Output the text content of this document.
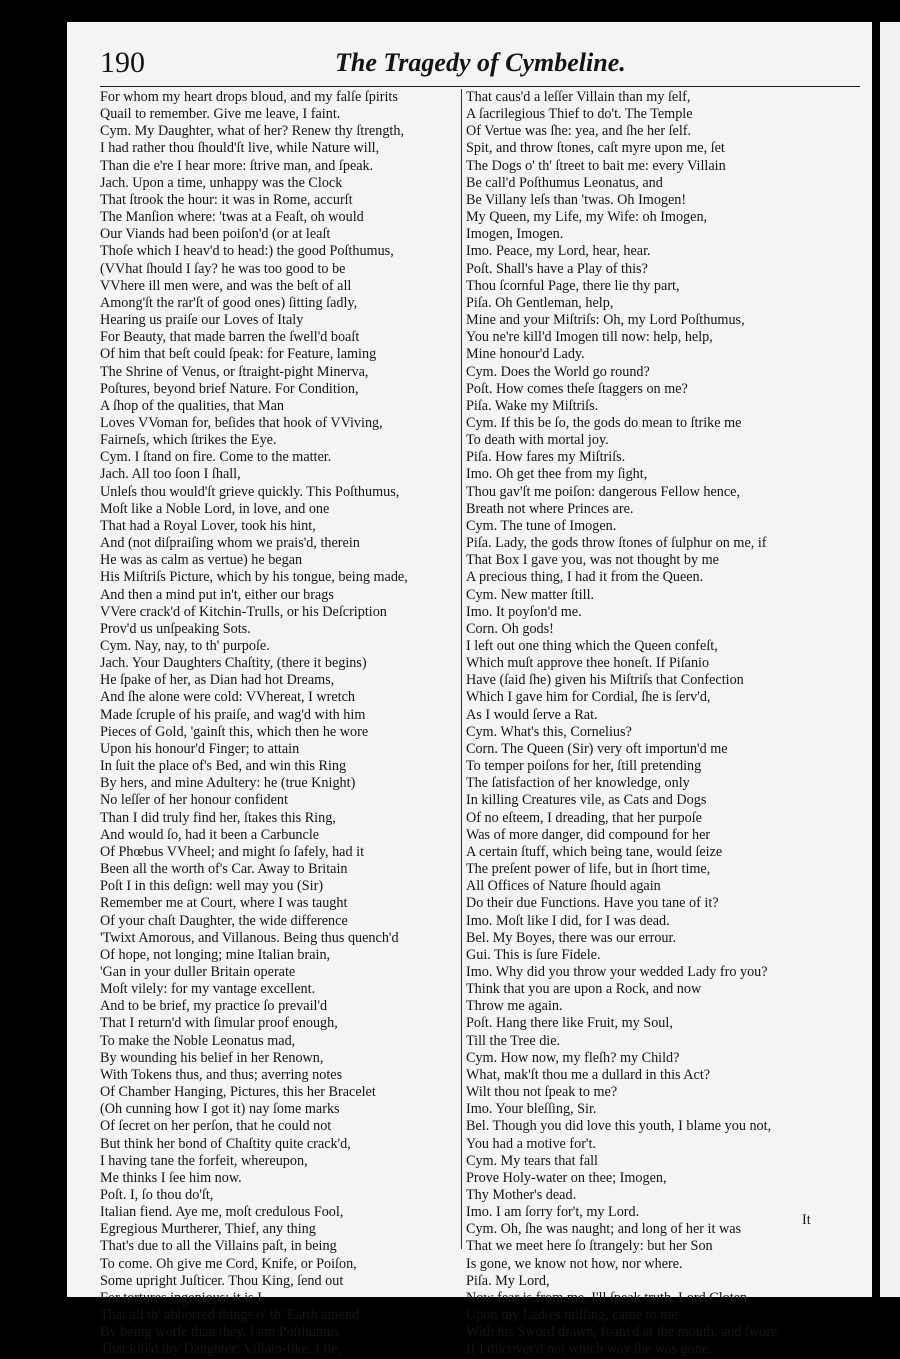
190	The Tragedy of Cymbeline.
For whom my heart drops bloud, and my falſe ſpirits
Quail to remember. Give me leave, I faint.
Cym. My Daughter, what of her? Renew thy ſtrength,
I had rather thou ſhould'ſt live, while Nature will,
Than die e're I hear more: ſtrive man, and ſpeak.
Jach. Upon a time, unhappy was the Clock
That ſtrook the hour: it was in Rome, accurſt
The Manſion where: 'twas at a Feaſt, oh would
Our Viands had been poiſon'd (or at leaſt
Thoſe which I heav'd to head:) the good Poſthumus,
(VVhat ſhould I ſay? he was too good to be
VVhere ill men were, and was the beſt of all
Among'ſt the rar'ſt of good ones) ſitting ſadly,
Hearing us praiſe our Loves of Italy
For Beauty, that made barren the ſwell'd boaſt
Of him that beſt could ſpeak: for Feature, laming
The Shrine of Venus, or ſtraight-pight Minerva,
Poſtures, beyond brief Nature. For Condition,
A ſhop of the qualities, that Man
Loves VVoman for, beſides that hook of VViving,
Fairneſs, which ſtrikes the Eye.
Cym. I ſtand on fire. Come to the matter.
Jach. All too ſoon I ſhall,
Unleſs thou would'ſt grieve quickly. This Poſthumus,
Moſt like a Noble Lord, in love, and one
That had a Royal Lover, took his hint,
And (not diſpraiſing whom we prais'd, therein
He was as calm as vertue) he began
His Miſtriſs Picture, which by his tongue, being made,
And then a mind put in't, either our brags
VVere crack'd of Kitchin-Trulls, or his Deſcription
Prov'd us unſpeaking Sots.
Cym. Nay, nay, to th' purpoſe.
Jach. Your Daughters Chaſtity, (there it begins)
He ſpake of her, as Dian had hot Dreams,
And ſhe alone were cold: VVhereat, I wretch
Made ſcruple of his praiſe, and wag'd with him
Pieces of Gold, 'gainſt this, which then he wore
Upon his honour'd Finger; to attain
In ſuit the place of's Bed, and win this Ring
By hers, and mine Adultery: he (true Knight)
No leſſer of her honour confident
Than I did truly find her, ſtakes this Ring,
And would ſo, had it been a Carbuncle
Of Phœbus VVheel; and might ſo ſafely, had it
Been all the worth of's Car. Away to Britain
Poſt I in this deſign: well may you (Sir)
Remember me at Court, where I was taught
Of your chaſt Daughter, the wide difference
'Twixt Amorous, and Villanous. Being thus quench'd
Of hope, not longing; mine Italian brain,
'Gan in your duller Britain operate
Moſt vilely: for my vantage excellent.
And to be brief, my practice ſo prevail'd
That I return'd with ſimular proof enough,
To make the Noble Leonatus mad,
By wounding his belief in her Renown,
With Tokens thus, and thus; averring notes
Of Chamber Hanging, Pictures, this her Bracelet
(Oh cunning how I got it) nay ſome marks
Of ſecret on her perſon, that he could not
But think her bond of Chaſtity quite crack'd,
I having tane the forfeit, whereupon,
Me thinks I ſee him now.
Poſt. I, ſo thou do'ſt,
Italian fiend. Aye me, moſt credulous Fool,
Egregious Murtherer, Thief, any thing
That's due to all the Villains paſt, in being
To come. Oh give me Cord, Knife, or Poiſon,
Some upright Juſticer. Thou King, ſend out
For tortures ingenious: it is I
That all th' abhorred things o' th' Earth amend
By being worſe than they. I am Poſthumus,
That kill'd thy Daughter: Villain-like, I lie,
That caus'd a leſſer Villain than my ſelf,
A ſacrilegious Thief to do't. The Temple
Of Vertue was ſhe: yea, and ſhe her ſelf.
Spit, and throw ſtones, caſt myre upon me, ſet
The Dogs o' th' ſtreet to bait me: every Villain
Be call'd Poſthumus Leonatus, and
Be Villany leſs than 'twas. Oh Imogen!
My Queen, my Life, my Wife: oh Imogen,
Imogen, Imogen.
Imo. Peace, my Lord, hear, hear.
Poſt. Shall's have a Play of this?
Thou ſcornful Page, there lie thy part,
Piſa. Oh Gentleman, help,
Mine and your Miſtriſs: Oh, my Lord Poſthumus,
You ne're kill'd Imogen till now: help, help,
Mine honour'd Lady.
Cym. Does the World go round?
Poſt. How comes theſe ſtaggers on me?
Piſa. Wake my Miſtriſs.
Cym. If this be ſo, the gods do mean to ſtrike me
To death with mortal joy.
Piſa. How fares my Miſtriſs.
Imo. Oh get thee from my ſight,
Thou gav'ſt me poiſon: dangerous Fellow hence,
Breath not where Princes are.
Cym. The tune of Imogen.
Piſa. Lady, the gods throw ſtones of ſulphur on me, if
That Box I gave you, was not thought by me
A precious thing, I had it from the Queen.
Cym. New matter ſtill.
Imo. It poyſon'd me.
Corn. Oh gods!
I left out one thing which the Queen confeſt,
Which muſt approve thee honeſt. If Piſanio
Have (ſaid ſhe) given his Miſtriſs that Confection
Which I gave him for Cordial, ſhe is ſerv'd,
As I would ſerve a Rat.
Cym. What's this, Cornelius?
Corn. The Queen (Sir) very oft importun'd me
To temper poiſons for her, ſtill pretending
The ſatisfaction of her knowledge, only
In killing Creatures vile, as Cats and Dogs
Of no eſteem, I dreading, that her purpoſe
Was of more danger, did compound for her
A certain ſtuff, which being tane, would ſeize
The preſent power of life, but in ſhort time,
All Offices of Nature ſhould again
Do their due Functions. Have you tane of it?
Imo. Moſt like I did, for I was dead.
Bel. My Boyes, there was our errour.
Gui. This is ſure Fidele.
Imo. Why did you throw your wedded Lady fro you?
Think that you are upon a Rock, and now
Throw me again.
Poſt. Hang there like Fruit, my Soul,
Till the Tree die.
Cym. How now, my fleſh? my Child?
What, mak'ſt thou me a dullard in this Act?
Wilt thou not ſpeak to me?
Imo. Your bleſſing, Sir.
Bel. Though you did love this youth, I blame you not,
You had a motive for't.
Cym. My tears that fall
Prove Holy-water on thee; Imogen,
Thy Mother's dead.
Imo. I am ſorry for't, my Lord.
Cym. Oh, ſhe was naught; and long of her it was
That we meet here ſo ſtrangely: but her Son
Is gone, we know not how, nor where.
Piſa. My Lord,
Now fear is from me, I'll ſpeak truth. Lord Cloten,
Upon my Ladies miſſing, came to me
With his Sword drawn, foam'd at the mouth, and ſwore
If I diſcover'd not which way ſhe was gone,
It
